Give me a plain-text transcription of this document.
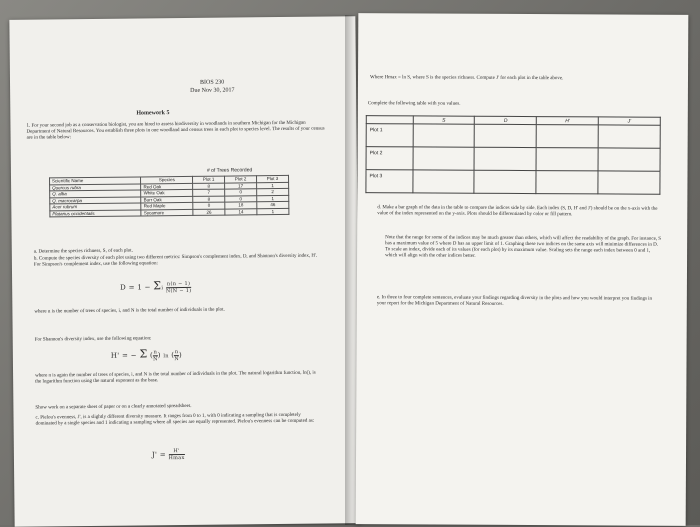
BIOS 230
Due Nov 30, 2017
Homework 5
1. For your second job as a conservation biologist, you are hired to assess biodiversity in woodlands in southern Michigan for the Michigan Department of Natural Resources. You establish three plots in one woodland and census trees in each plot to species level. The results of your census are in the table below:
# of Trees Recorded
Scientific Name	Species	Plot 1	Plot 2	Plot 3
Quercus rubra	Red Oak	8	17	1
Q. alba	White Oak	7	0	2
Q. macrocarpa	Burr Oak	8	0	1
Acer rubrum	Red Maple	0	18	46
Platanus occidentalis	Sycamore	26	14	1
a. Determine the species richness, S, of each plot.
b. Compute the species diversity of each plot using two different metrics: Simpson's complement index, D, and Shannon's diversity index, H'. For Simpson's complement index, use the following equation:
D = 1 − Σi $\frac{n(n - 1)}{N(N - 1)}$
where n is the number of trees of species, i, and N is the total number of individuals in the plot.
For Shannon's diversity index, use the following equation:
H' = − Σ ( $\frac{n}{N}$ ) ln ( $\frac{n}{N}$ )
where n is again the number of trees of species, i, and N is the total number of individuals in the plot. The natural logarithm function, ln(), is the logarithm function using the natural exponent as the base.
Show work on a separate sheet of paper or on a clearly annotated spreadsheet.
c. Pielou's evenness, J', is a slightly different diversity measure. It ranges from 0 to 1, with 0 indicating a sampling that is completely dominated by a single species and 1 indicating a sampling where all species are equally represented. Pielou's evenness can be computed as:
$J' = \frac{H'}{Hmax}$
Where Hmax = ln S, where S is the species richness. Compute J' for each plot in the table above.
Complete the following table with you values.
	S	D	H'	J'
Plot 1				
Plot 2				
Plot 3				
d. Make a bar graph of the data in the table to compare the indices side by side. Each index (S, D, H' and J') should be on the x-axis with the value of the index represented on the y-axis. Plots should be differentiated by color or fill pattern.
Note that the range for some of the indices may be much greater than others, which will affect the readability of the graph. For instance, S has a maximum value of 5 where D has an upper limit of 1. Graphing these two indices on the same axis will minimize differences in D. To scale an index, divide each of its values (for each plot) by its maximum value. Scaling sets the range each index between 0 and 1, which will align with the other indices better.
e. In three to four complete sentences, evaluate your findings regarding diversity in the plots and how you would interpret you findings in your report for the Michigan Department of Natural Resources.
